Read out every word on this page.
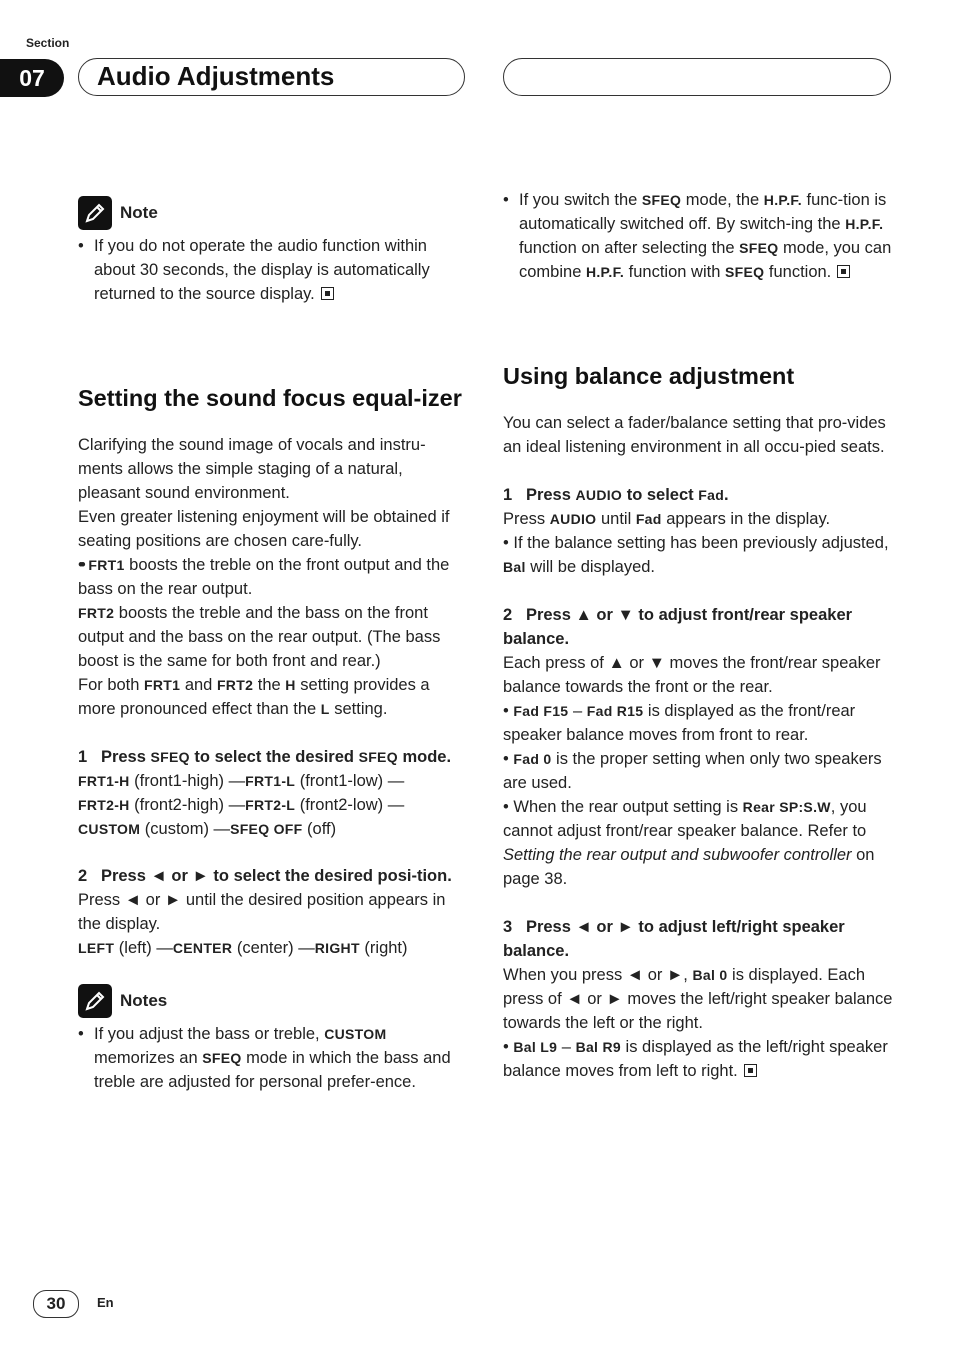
Section
07	Audio Adjustments
Note

• If you do not operate the audio function within about 30 seconds, the display is automatically returned to the source display.

Setting the sound focus equal-izer

Clarifying the sound image of vocals and instru-ments allows the simple staging of a natural, pleasant sound environment.

Even greater listening enjoyment will be obtained if seating positions are chosen care-fully.

• • FRT1 boosts the treble on the front output and the bass on the rear output.

FRT2 boosts the treble and the bass on the front output and the bass on the rear output. (The bass boost is the same for both front and rear.)

For both FRT1 and FRT2 the H setting provides a more pronounced effect than the L setting.

1 Press SFEQ to select the desired SFEQ mode.

FRT1-H (front1-high) —FRT1-L (front1-low) —
FRT2-H (front2-high) —FRT2-L (front2-low) —
CUSTOM (custom) —SFEQ OFF (off)

2 Press ◄ or ► to select the desired posi-tion.

Press ◄ or ► until the desired position appears in the display.

LEFT (left) —CENTER (center) —RIGHT (right)

Notes

• If you adjust the bass or treble, CUSTOM memorizes an SFEQ mode in which the bass and treble are adjusted for personal prefer-ence.

• If you switch the SFEQ mode, the H.P.F. func-tion is automatically switched off. By switch-ing the H.P.F. function on after selecting the SFEQ mode, you can combine H.P.F. function with SFEQ function.

Using balance adjustment

You can select a fader/balance setting that pro-vides an ideal listening environment in all occu-pied seats.

1 Press AUDIO to select Fad.

Press AUDIO until Fad appears in the display.

• If the balance setting has been previously adjusted, Bal will be displayed.

2 Press ▲ or ▼ to adjust front/rear speaker balance.

Each press of ▲ or ▼ moves the front/rear speaker balance towards the front or the rear.

• Fad F15 – Fad R15 is displayed as the front/rear speaker balance moves from front to rear.

• Fad 0 is the proper setting when only two speakers are used.

• When the rear output setting is Rear SP:S.W, you cannot adjust front/rear speaker balance. Refer to Setting the rear output and subwoofer controller on page 38.

3 Press ◄ or ► to adjust left/right speaker balance.

When you press ◄ or ►, Bal 0 is displayed. Each press of ◄ or ► moves the left/right speaker balance towards the left or the right.

• Bal L9 – Bal R9 is displayed as the left/right speaker balance moves from left to right.

30	En
